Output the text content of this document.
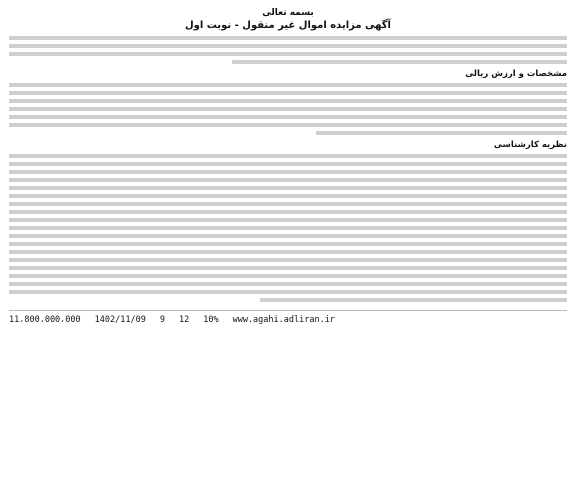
بسمه تعالی
آگهی مزایده اموال غیر منقول - نوبت اول
مشخصات و ارزش ریالی
نظریه کارشناسی
11،800،000،000 1402/11/09 9 12 10% www.agahi.adliran.ir
